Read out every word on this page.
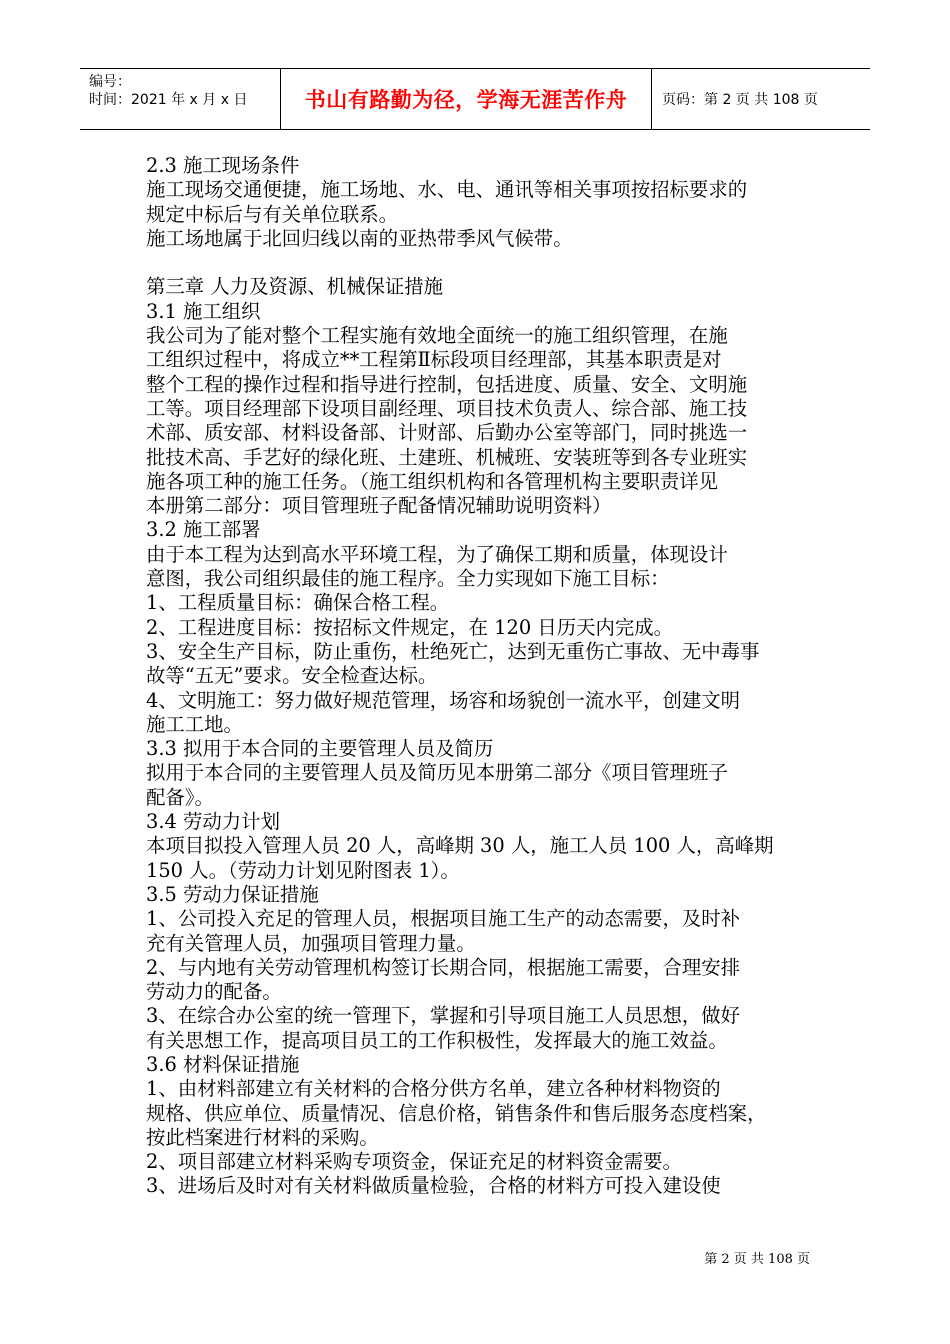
编号：
时间：2021 年 x 月 x 日	书山有路勤为径，学海无涯苦作舟 页码：第 2 页 共 108 页

2.3 施工现场条件

施工现场交通便捷，施工场地、水、电、通讯等相关事项按招标要求的

规定中标后与有关单位联系。

施工场地属于北回归线以南的亚热带季风气候带。

第三章 人力及资源、机械保证措施

3.1 施工组织

我公司为了能对整个工程实施有效地全面统一的施工组织管理，在施

工组织过程中，将成立**工程第Ⅱ标段项目经理部，其基本职责是对

整个工程的操作过程和指导进行控制，包括进度、质量、安全、文明施

工等。项目经理部下设项目副经理、项目技术负责人、综合部、施工技

术部、质安部、材料设备部、计财部、后勤办公室等部门，同时挑选一

批技术高、手艺好的绿化班、土建班、机械班、安装班等到各专业班实

施各项工种的施工任务。（施工组织机构和各管理机构主要职责详见

本册第二部分：项目管理班子配备情况辅助说明资料）

3.2 施工部署

由于本工程为达到高水平环境工程，为了确保工期和质量，体现设计

意图，我公司组织最佳的施工程序。全力实现如下施工目标：

1、工程质量目标：确保合格工程。

2、工程进度目标：按招标文件规定，在 120 日历天内完成。

3、安全生产目标，防止重伤，杜绝死亡，达到无重伤亡事故、无中毒事

故等“五无”要求。安全检查达标。

4、文明施工：努力做好规范管理，场容和场貌创一流水平，创建文明

施工工地。

3.3 拟用于本合同的主要管理人员及简历

拟用于本合同的主要管理人员及简历见本册第二部分《项目管理班子

配备》。

3.4 劳动力计划

本项目拟投入管理人员 20 人，高峰期 30 人，施工人员 100 人，高峰期

150 人。（劳动力计划见附图表 1）。

3.5 劳动力保证措施

1、公司投入充足的管理人员，根据项目施工生产的动态需要，及时补

充有关管理人员，加强项目管理力量。

2、与内地有关劳动管理机构签订长期合同，根据施工需要，合理安排

劳动力的配备。

3、在综合办公室的统一管理下，掌握和引导项目施工人员思想，做好

有关思想工作，提高项目员工的工作积极性，发挥最大的施工效益。

3.6 材料保证措施

1、由材料部建立有关材料的合格分供方名单，建立各种材料物资的

规格、供应单位、质量情况、信息价格，销售条件和售后服务态度档案，

按此档案进行材料的采购。

2、项目部建立材料采购专项资金，保证充足的材料资金需要。

3、进场后及时对有关材料做质量检验，合格的材料方可投入建设使

第 2 页 共 108 页
